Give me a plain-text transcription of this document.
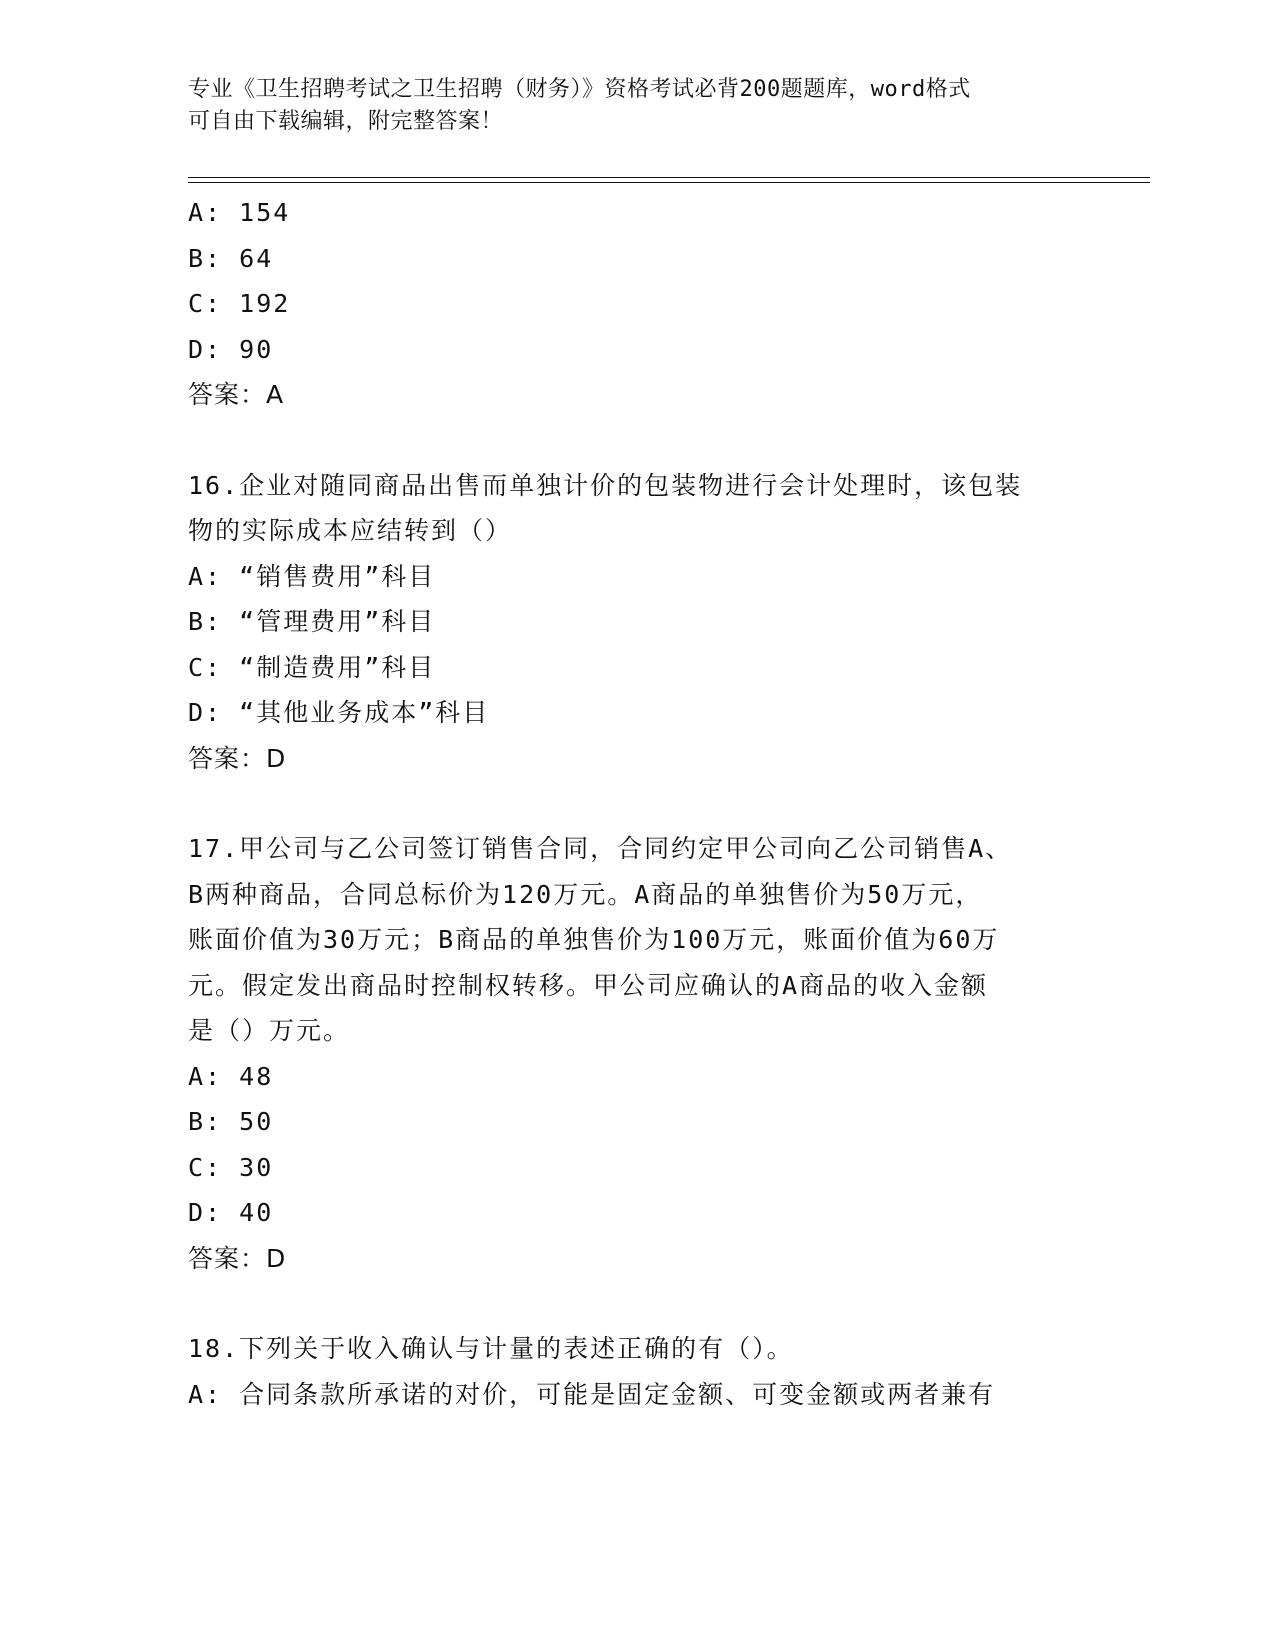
专业《卫生招聘考试之卫生招聘（财务）》资格考试必背200题题库，word格式
可自由下载编辑，附完整答案！
A: 154
B: 64
C: 192
D: 90
答案：A
16.企业对随同商品出售而单独计价的包装物进行会计处理时，该包装
物的实际成本应结转到（）
A: “销售费用”科目
B: “管理费用”科目
C: “制造费用”科目
D: “其他业务成本”科目
答案：D
17.甲公司与乙公司签订销售合同，合同约定甲公司向乙公司销售A、
B两种商品，合同总标价为120万元。A商品的单独售价为50万元，
账面价值为30万元；B商品的单独售价为100万元，账面价值为60万
元。假定发出商品时控制权转移。甲公司应确认的A商品的收入金额
是（）万元。
A: 48
B: 50
C: 30
D: 40
答案：D
18.下列关于收入确认与计量的表述正确的有（）。
A: 合同条款所承诺的对价，可能是固定金额、可变金额或两者兼有
